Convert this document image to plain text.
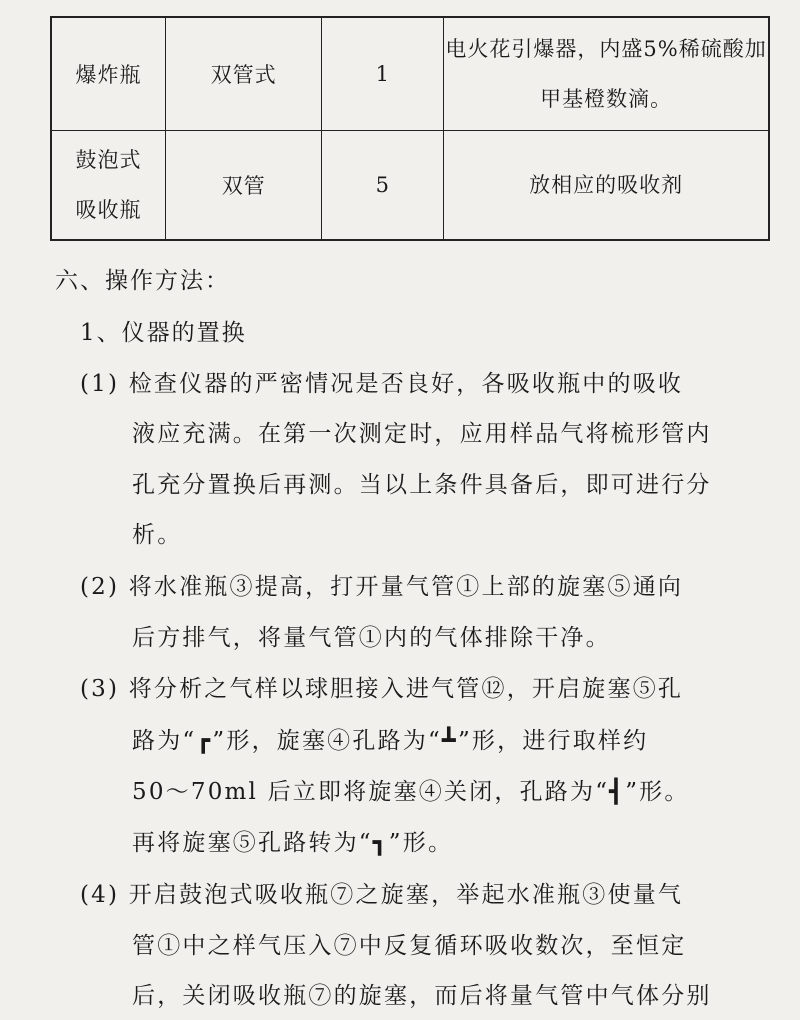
爆炸瓶	双管式	1	电火花引爆器，内盛5%稀硫酸加
甲基橙数滴。

鼓泡式
吸收瓶	双管	5	放相应的吸收剂
六、操作方法：
1、仪器的置换
(1) 检查仪器的严密情况是否良好，各吸收瓶中的吸收
液应充满。在第一次测定时，应用样品气将梳形管内
孔充分置换后再测。当以上条件具备后，即可进行分
析。
(2) 将水准瓶③提高，打开量气管①上部的旋塞⑤通向
后方排气，将量气管①内的气体排除干净。
(3) 将分析之气样以球胆接入进气管⑫，开启旋塞⑤孔
路为“┏”形，旋塞④孔路为“┻”形，进行取样约
50～70ml 后立即将旋塞④关闭，孔路为“┫”形。
再将旋塞⑤孔路转为“┓”形。
(4) 开启鼓泡式吸收瓶⑦之旋塞，举起水准瓶③使量气
管①中之样气压入⑦中反复循环吸收数次，至恒定
后，关闭吸收瓶⑦的旋塞，而后将量气管中气体分别
